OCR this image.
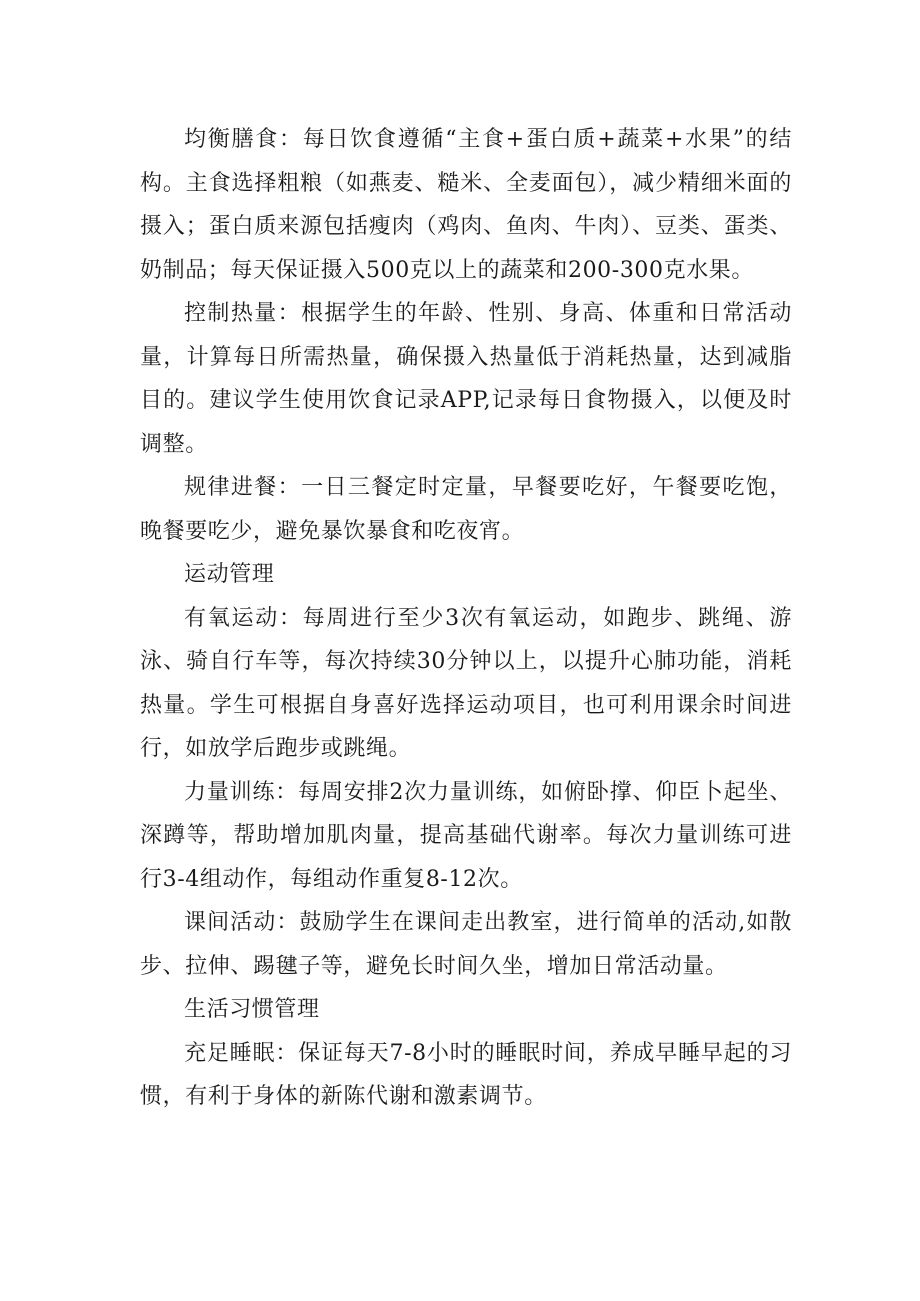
均衡膳食：每日饮食遵循“主食+蛋白质+蔬菜+水果”的结构。主食选择粗粮（如燕麦、糙米、全麦面包），减少精细米面的摄入；蛋白质来源包括瘦肉（鸡肉、鱼肉、牛肉）、豆类、蛋类、奶制品；每天保证摄入500克以上的蔬菜和200-300克水果。

控制热量：根据学生的年龄、性别、身高、体重和日常活动量，计算每日所需热量，确保摄入热量低于消耗热量，达到减脂目的。建议学生使用饮食记录APP,记录每日食物摄入，以便及时调整。

规律进餐：一日三餐定时定量，早餐要吃好，午餐要吃饱，晚餐要吃少，避免暴饮暴食和吃夜宵。

运动管理

有氧运动：每周进行至少3次有氧运动，如跑步、跳绳、游泳、骑自行车等，每次持续30分钟以上，以提升心肺功能，消耗热量。学生可根据自身喜好选择运动项目，也可利用课余时间进行，如放学后跑步或跳绳。

力量训练：每周安排2次力量训练，如俯卧撑、仰臣卜起坐、深蹲等，帮助增加肌肉量，提高基础代谢率。每次力量训练可进行3-4组动作，每组动作重复8-12次。

课间活动：鼓励学生在课间走出教室，进行简单的活动,如散步、拉伸、踢毽子等，避免长时间久坐，增加日常活动量。

生活习惯管理

充足睡眠：保证每天7-8小时的睡眠时间，养成早睡早起的习惯，有利于身体的新陈代谢和激素调节。
